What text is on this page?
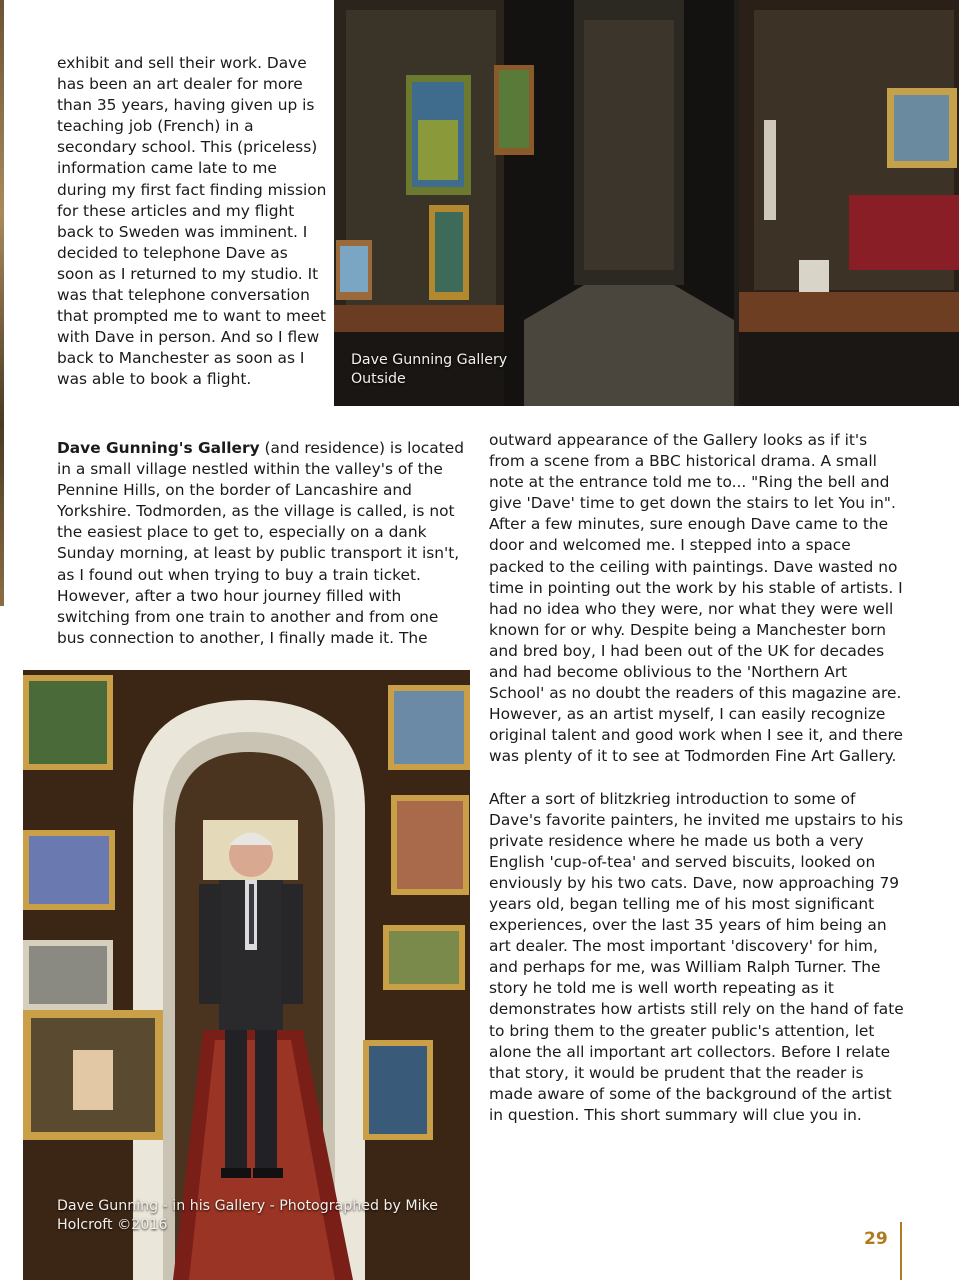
exhibit and sell their work. Dave has been an art dealer for more than 35 years, having given up is teaching job (French) in a secondary school. This (priceless) information came late to me during my first fact finding mission for these articles and my flight back to Sweden was imminent. I decided to telephone Dave as soon as I returned to my studio. It was that telephone conversation that prompted me to want to meet with Dave in person. And so I flew back to Manchester as soon as I was able to book a flight.

Dave Gunning's Gallery (and residence) is located in a small village nestled within the valley's of the Pennine Hills, on the border of Lancashire and Yorkshire. Todmorden, as the village is called, is not the easiest place to get to, especially on a dank Sunday morning, at least by public transport it isn't, as I found out when trying to buy a train ticket. However, after a two hour journey filled with switching from one train to another and from one bus connection to another, I finally made it. The

outward appearance of the Gallery looks as if it's from a scene from a BBC historical drama. A small note at the entrance told me to... "Ring the bell and give 'Dave' time to get down the stairs to let You in". After a few minutes, sure enough Dave came to the door and welcomed me. I stepped into a space packed to the ceiling with paintings. Dave wasted no time in pointing out the work by his stable of artists. I had no idea who they were, nor what they were well known for or why. Despite being a Manchester born and bred boy, I had been out of the UK for decades and had become oblivious to the 'Northern Art School' as no doubt the readers of this magazine are. However, as an artist myself, I can easily recognize original talent and good work when I see it, and there was plenty of it to see at Todmorden Fine Art Gallery.

After a sort of blitzkrieg introduction to some of Dave's favorite painters, he invited me upstairs to his private residence where he made us both a very English 'cup-of-tea' and served biscuits, looked on enviously by his two cats. Dave, now approaching 79 years old, began telling me of his most significant experiences, over the last 35 years of him being an art dealer. The most important 'discovery' for him, and perhaps for me, was William Ralph Turner. The story he told me is well worth repeating as it demonstrates how artists still rely on the hand of fate to bring them to the greater public's attention, let alone the all important art collectors. Before I relate that story, it would be prudent that the reader is made aware of some of the background of the artist in question. This short summary will clue you in.

Dave Gunning Gallery
Outside
Dave Gunning - in his Gallery - Photographed by Mike
Holcroft ©2016
29
